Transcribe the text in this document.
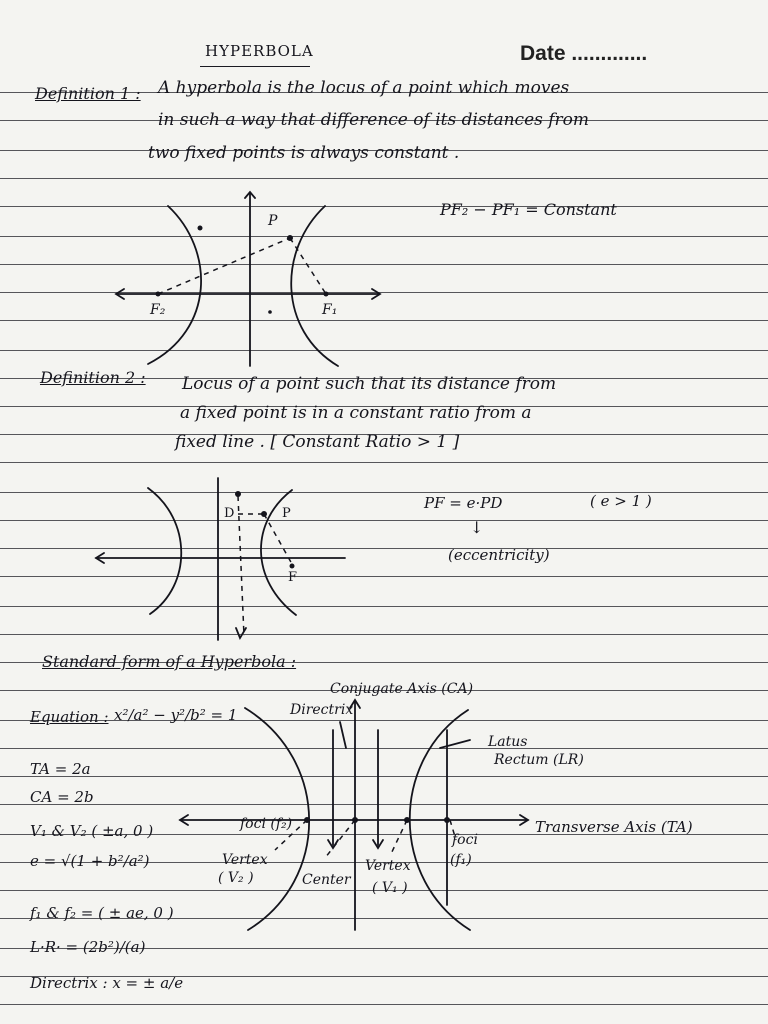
HYPERBOLA	Date .............
Definition 1 : A hyperbola is the locus of a point which moves
in such a way that difference of its distances from
two fixed points is always constant .
P
F₂	F₁
PF₂ − PF₁ = Constant
Definition 2 : Locus of a point such that its distance from
a fixed point is in a constant ratio from a
fixed line . [ Constant Ratio > 1 ]
D	P
F
PF = e·PD	( e > 1 )
↓
(eccentricity)
Standard form of a Hyperbola :
Equation : x²/a² − y²/b² = 1
TA = 2a
CA = 2b
V₁ & V₂ ( ±a, 0 )
e = √(1 + b²/a²)
f₁ & f₂ = ( ± ae, 0 )
L·R· = (2b²)/(a)
Directrix : x = ± a/e
Conjugate Axis (CA)
Directrix
Latus
Rectum (LR)
Transverse Axis (TA)
foci (f₂)
foci
(f₁)
Vertex
( V₂ )	Center
Vertex
( V₁ )
